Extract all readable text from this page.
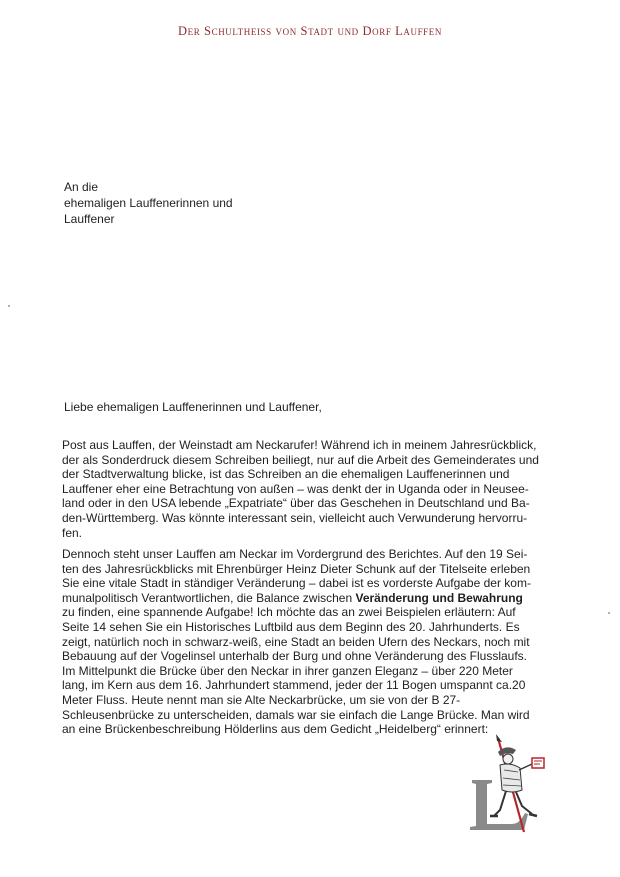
Der Schultheiss von Stadt und Dorf Lauffen
An die
ehemaligen Lauffenerinnen und
Lauffener
Liebe ehemaligen Lauffenerinnen und Lauffener,
Post aus Lauffen, der Weinstadt am Neckarufer! Während ich in meinem Jahresrückblick,
der als Sonderdruck diesem Schreiben beiliegt, nur auf die Arbeit des Gemeinderates und
der Stadtverwaltung blicke, ist das Schreiben an die ehemaligen Lauffenerinnen und
Lauffener eher eine Betrachtung von außen – was denkt der in Uganda oder in Neusee-
land oder in den USA lebende „Expatriate“ über das Geschehen in Deutschland und Ba-
den-Württemberg. Was könnte interessant sein, vielleicht auch Verwunderung hervorru-
fen.
Dennoch steht unser Lauffen am Neckar im Vordergrund des Berichtes. Auf den 19 Sei-
ten des Jahresrückblicks mit Ehrenbürger Heinz Dieter Schunk auf der Titelseite erleben
Sie eine vitale Stadt in ständiger Veränderung – dabei ist es vorderste Aufgabe der kom-
munalpolitisch Verantwortlichen, die Balance zwischen Veränderung und Bewahrung
zu finden, eine spannende Aufgabe! Ich möchte das an zwei Beispielen erläutern: Auf
Seite 14 sehen Sie ein Historisches Luftbild aus dem Beginn des 20. Jahrhunderts. Es
zeigt, natürlich noch in schwarz-weiß, eine Stadt an beiden Ufern des Neckars, noch mit
Bebauung auf der Vogelinsel unterhalb der Burg und ohne Veränderung des Flusslaufs.
Im Mittelpunkt die Brücke über den Neckar in ihrer ganzen Eleganz – über 220 Meter
lang, im Kern aus dem 16. Jahrhundert stammend, jeder der 11 Bogen umspannt ca.20
Meter Fluss. Heute nennt man sie Alte Neckarbrücke, um sie von der B 27-
Schleusenbrücke zu unterscheiden, damals war sie einfach die Lange Brücke. Man wird
an eine Brückenbeschreibung Hölderlins aus dem Gedicht „Heidelberg“ erinnert:
